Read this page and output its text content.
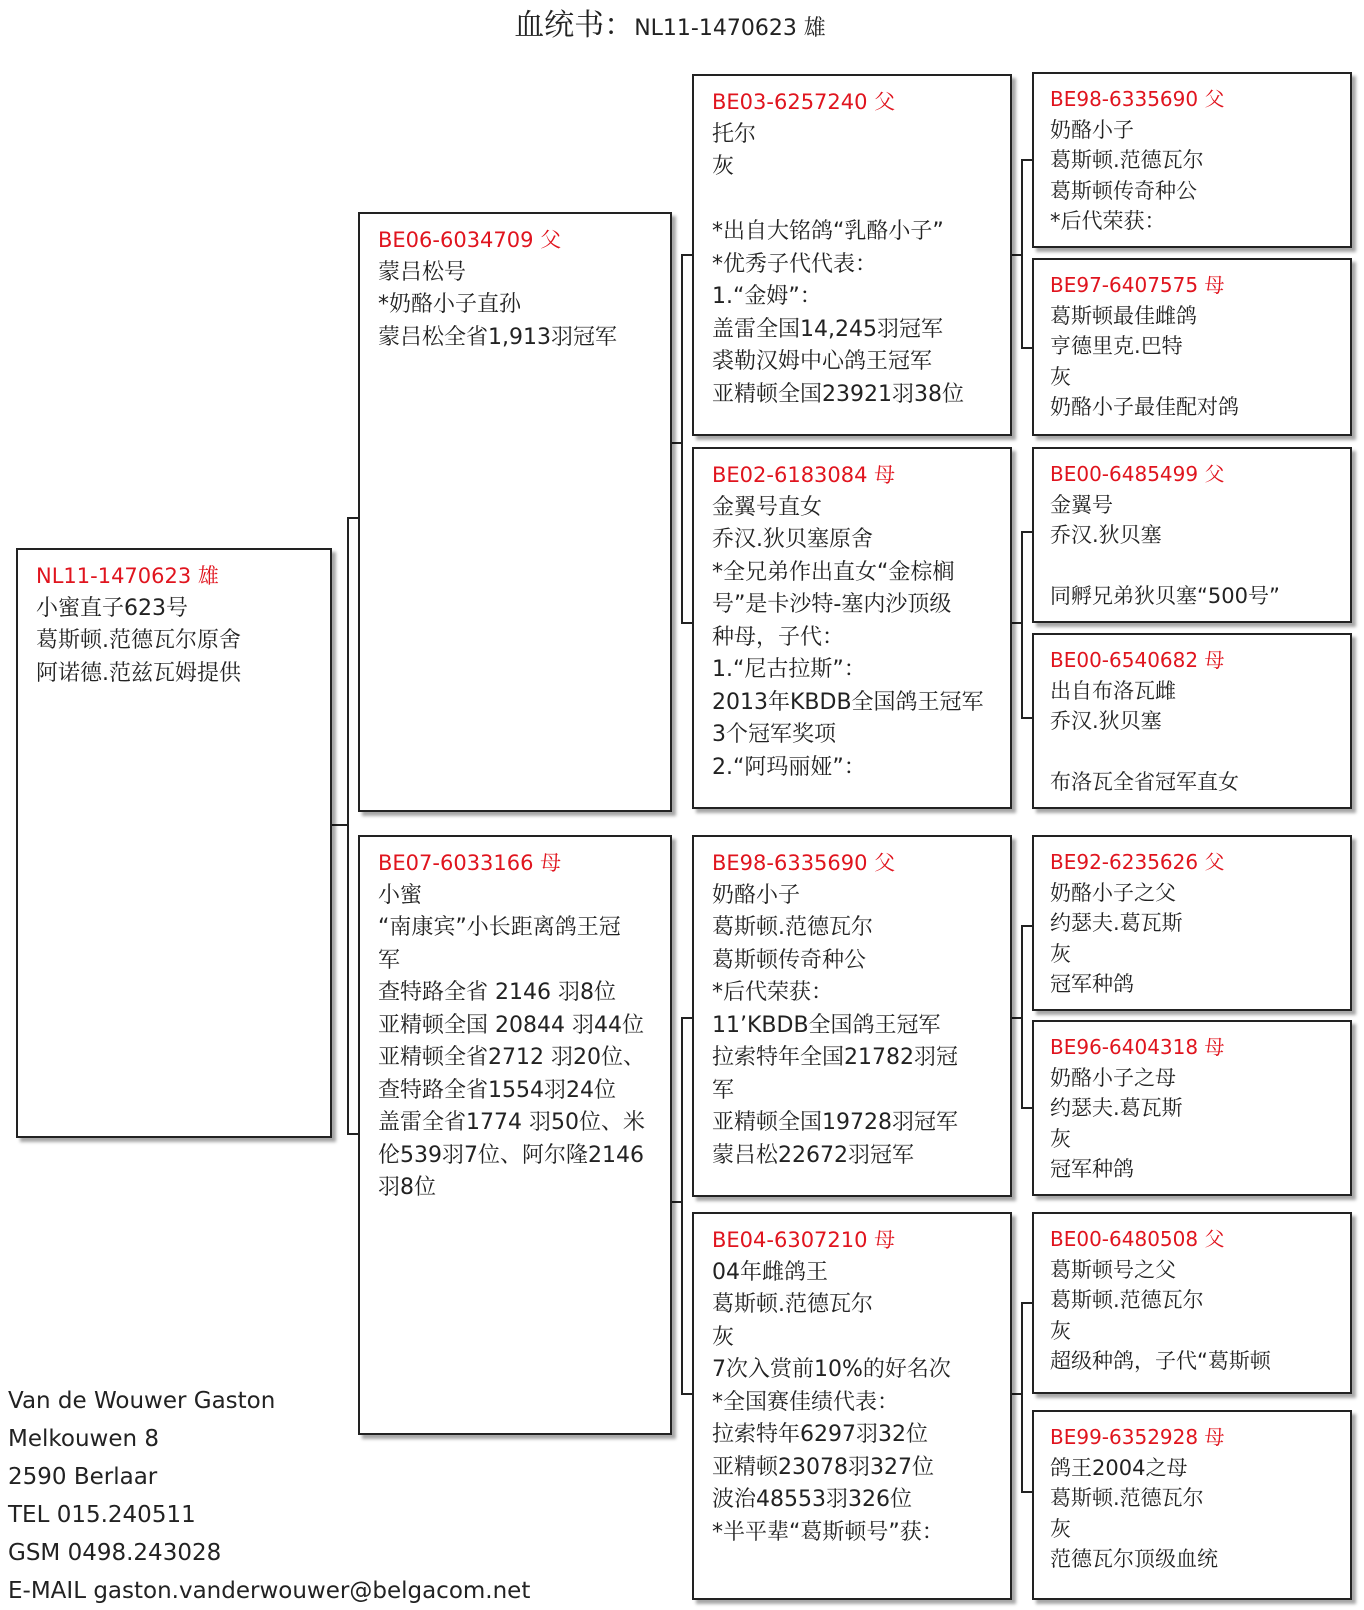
血统书：NL11-1470623 雄
NL11-1470623 雄
小蜜直子623号
葛斯顿.范德瓦尔原舍
阿诺德.范兹瓦姆提供
BE06-6034709 父
蒙吕松号
*奶酪小子直孙
蒙吕松全省1,913羽冠军
BE07-6033166 母
小蜜
“南康宾”小长距离鸽王冠
军
查特路全省 2146 羽8位
亚精顿全国 20844 羽44位
亚精顿全省2712 羽20位、
查特路全省1554羽24位
盖雷全省1774 羽50位、米
伦539羽7位、阿尔隆2146
羽8位
BE03-6257240 父
托尔
灰
*出自大铭鸽“乳酪小子”
*优秀子代代表：
1.“金姆”：
盖雷全国14,245羽冠军
裘勒汉姆中心鸽王冠军
亚精顿全国23921羽38位
BE02-6183084 母
金翼号直女
乔汉.狄贝塞原舍
*全兄弟作出直女“金棕榈
号”是卡沙特-塞内沙顶级
种母，子代：
1.“尼古拉斯”：
2013年KBDB全国鸽王冠军
3个冠军奖项
2.“阿玛丽娅”：
BE98-6335690 父
奶酪小子
葛斯顿.范德瓦尔
葛斯顿传奇种公
*后代荣获：
11’KBDB全国鸽王冠军
拉索特年全国21782羽冠
军
亚精顿全国19728羽冠军
蒙吕松22672羽冠军
BE04-6307210 母
04年雌鸽王
葛斯顿.范德瓦尔
灰
7次入赏前10%的好名次
*全国赛佳绩代表：
拉索特年6297羽32位
亚精顿23078羽327位
波治48553羽326位
*半平辈“葛斯顿号”获：
BE98-6335690 父
奶酪小子
葛斯顿.范德瓦尔
葛斯顿传奇种公
*后代荣获：
BE97-6407575 母
葛斯顿最佳雌鸽
亨德里克.巴特
灰
奶酪小子最佳配对鸽
BE00-6485499 父
金翼号
乔汉.狄贝塞
同孵兄弟狄贝塞“500号”
BE00-6540682 母
出自布洛瓦雌
乔汉.狄贝塞
布洛瓦全省冠军直女
BE92-6235626 父
奶酪小子之父
约瑟夫.葛瓦斯
灰
冠军种鸽
BE96-6404318 母
奶酪小子之母
约瑟夫.葛瓦斯
灰
冠军种鸽
BE00-6480508 父
葛斯顿号之父
葛斯顿.范德瓦尔
灰
超级种鸽，子代“葛斯顿
BE99-6352928 母
鸽王2004之母
葛斯顿.范德瓦尔
灰
范德瓦尔顶级血统
Van de Wouwer Gaston
Melkouwen 8
2590 Berlaar
TEL 015.240511
GSM 0498.243028
E-MAIL gaston.vanderwouwer@belgacom.net
